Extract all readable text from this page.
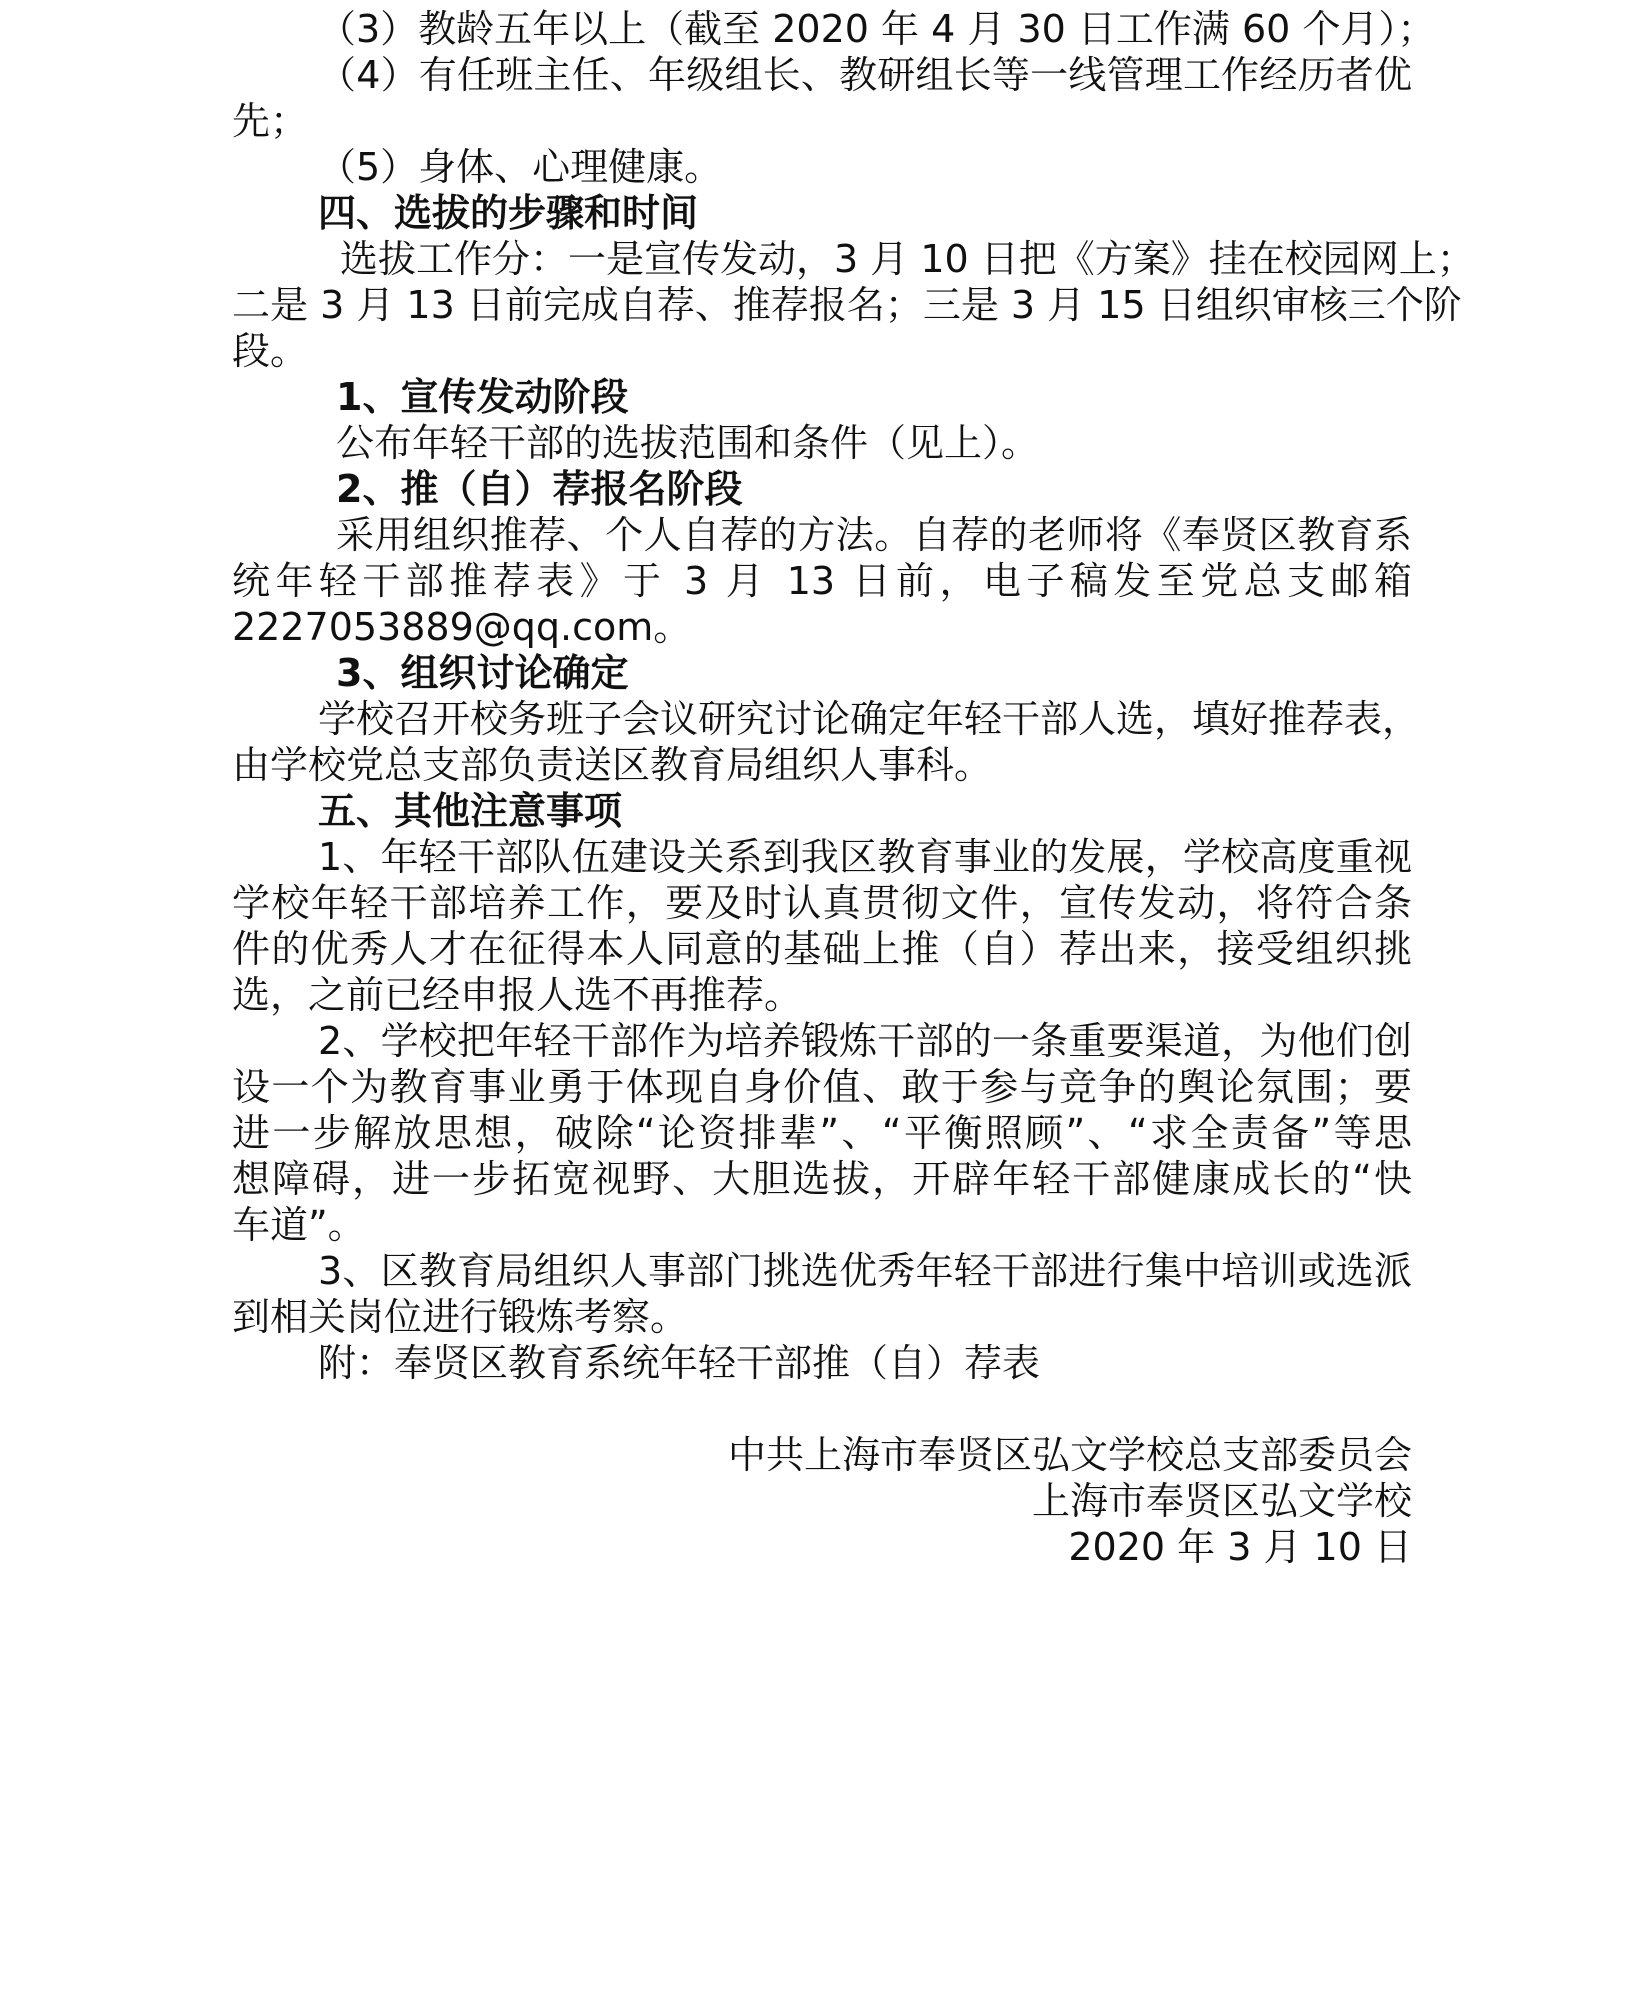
（3）教龄五年以上（截至 2020 年 4 月 30 日工作满 60 个月）；
（4）有任班主任、年级组长、教研组长等一线管理工作经历者优
先；
（5）身体、心理健康。
四、选拔的步骤和时间
选拔工作分：一是宣传发动，3 月 10 日把《方案》挂在校园网上；
二是 3 月 13 日前完成自荐、推荐报名；三是 3 月 15 日组织审核三个阶
段。
1、宣传发动阶段
公布年轻干部的选拔范围和条件（见上）。
2、推（自）荐报名阶段
采用组织推荐、个人自荐的方法。自荐的老师将《奉贤区教育系
统年轻干部推荐表》于 3 月 13 日前，电子稿发至党总支邮箱
2227053889@qq.com。
3、组织讨论确定
学校召开校务班子会议研究讨论确定年轻干部人选，填好推荐表，
由学校党总支部负责送区教育局组织人事科。
五、其他注意事项
1、年轻干部队伍建设关系到我区教育事业的发展，学校高度重视
学校年轻干部培养工作，要及时认真贯彻文件，宣传发动，将符合条
件的优秀人才在征得本人同意的基础上推（自）荐出来，接受组织挑
选，之前已经申报人选不再推荐。
2、学校把年轻干部作为培养锻炼干部的一条重要渠道，为他们创
设一个为教育事业勇于体现自身价值、敢于参与竞争的舆论氛围；要
进一步解放思想，破除“论资排辈”、“平衡照顾”、“求全责备”等思
想障碍，进一步拓宽视野、大胆选拔，开辟年轻干部健康成长的“快
车道”。
3、区教育局组织人事部门挑选优秀年轻干部进行集中培训或选派
到相关岗位进行锻炼考察。
附：奉贤区教育系统年轻干部推（自）荐表
中共上海市奉贤区弘文学校总支部委员会
上海市奉贤区弘文学校
2020 年 3 月 10 日
